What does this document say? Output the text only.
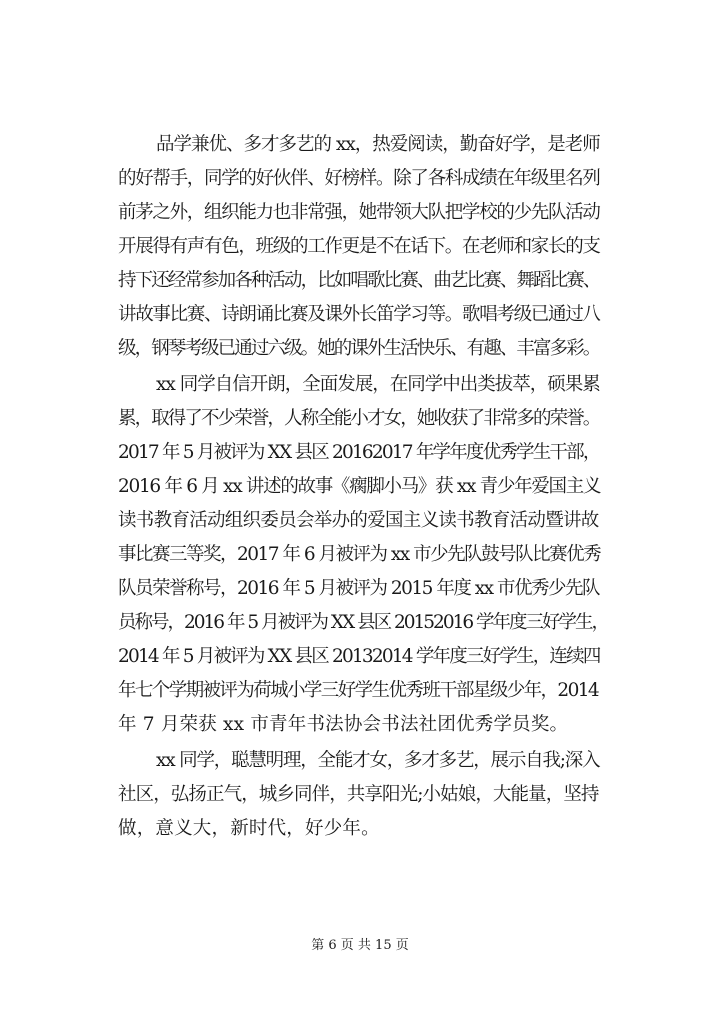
品学兼优、多才多艺的 xx，热爱阅读，勤奋好学，是老师
的好帮手，同学的好伙伴、好榜样。除了各科成绩在年级里名列
前茅之外，组织能力也非常强，她带领大队把学校的少先队活动
开展得有声有色，班级的工作更是不在话下。在老师和家长的支
持下还经常参加各种活动，比如唱歌比赛、曲艺比赛、舞蹈比赛、
讲故事比赛、诗朗诵比赛及课外长笛学习等。歌唱考级已通过八
级，钢琴考级已通过六级。她的课外生活快乐、有趣、丰富多彩。
xx 同学自信开朗，全面发展，在同学中出类拔萃，硕果累
累，取得了不少荣誉，人称全能小才女，她收获了非常多的荣誉。
2017 年 5 月被评为 XX 县区 20162017 年学年度优秀学生干部，
2016 年 6 月 xx 讲述的故事《瘸脚小马》获 xx 青少年爱国主义
读书教育活动组织委员会举办的爱国主义读书教育活动暨讲故
事比赛三等奖，2017 年 6 月被评为 xx 市少先队鼓号队比赛优秀
队员荣誉称号，2016 年 5 月被评为 2015 年度 xx 市优秀少先队
员称号，2016 年 5 月被评为 XX 县区 20152016 学年度三好学生，
2014 年 5 月被评为 XX 县区 20132014 学年度三好学生，连续四
年七个学期被评为荷城小学三好学生优秀班干部星级少年，2014
年 7 月荣获 xx 市青年书法协会书法社团优秀学员奖。
xx 同学，聪慧明理，全能才女，多才多艺，展示自我;深入
社区，弘扬正气，城乡同伴，共享阳光;小姑娘，大能量，坚持
做，意义大，新时代，好少年。
第 6 页 共 15 页
